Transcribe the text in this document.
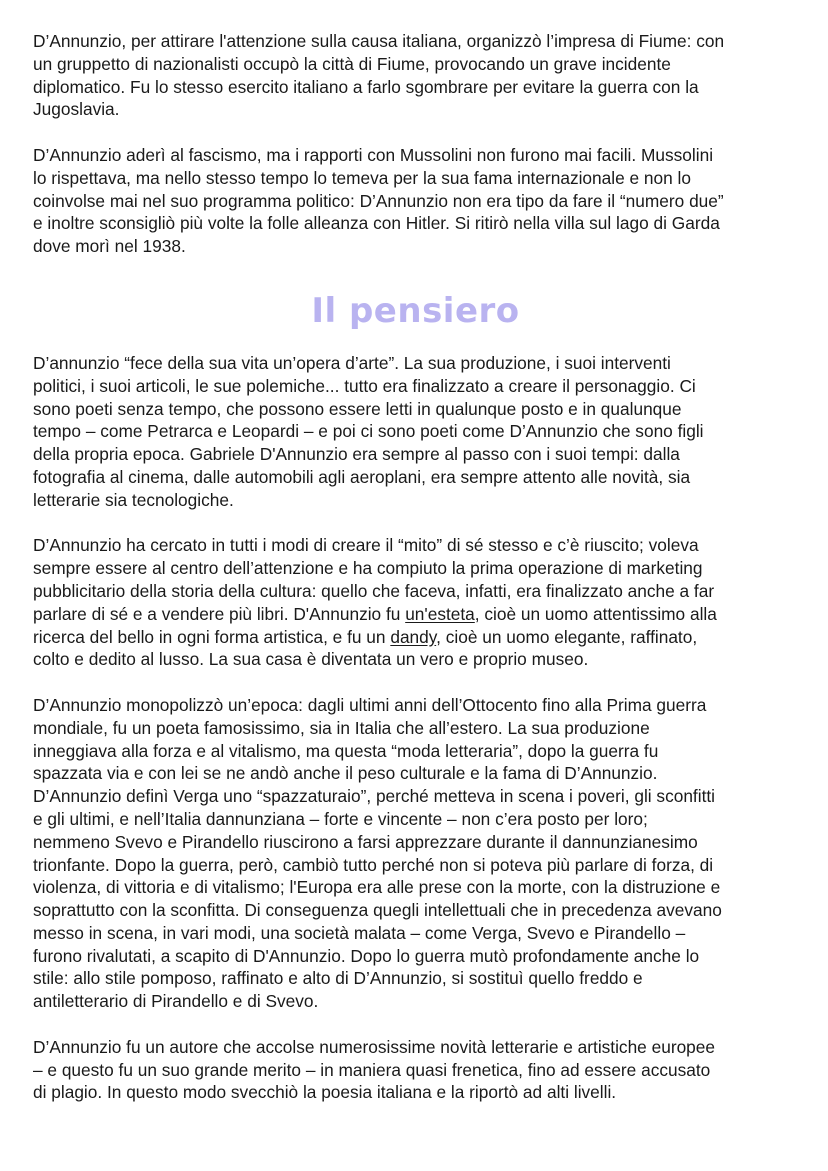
D’Annunzio, per attirare l'attenzione sulla causa italiana, organizzò l’impresa di Fiume: con
un gruppetto di nazionalisti occupò la città di Fiume, provocando un grave incidente
diplomatico. Fu lo stesso esercito italiano a farlo sgombrare per evitare la guerra con la
Jugoslavia.
D’Annunzio aderì al fascismo, ma i rapporti con Mussolini non furono mai facili. Mussolini
lo rispettava, ma nello stesso tempo lo temeva per la sua fama internazionale e non lo
coinvolse mai nel suo programma politico: D’Annunzio non era tipo da fare il “numero due”
e inoltre sconsigliò più volte la folle alleanza con Hitler. Si ritirò nella villa sul lago di Garda
dove morì nel 1938.
Il pensiero
D’annunzio “fece della sua vita un’opera d’arte”. La sua produzione, i suoi interventi
politici, i suoi articoli, le sue polemiche... tutto era finalizzato a creare il personaggio. Ci
sono poeti senza tempo, che possono essere letti in qualunque posto e in qualunque
tempo – come Petrarca e Leopardi – e poi ci sono poeti come D’Annunzio che sono figli
della propria epoca. Gabriele D'Annunzio era sempre al passo con i suoi tempi: dalla
fotografia al cinema, dalle automobili agli aeroplani, era sempre attento alle novità, sia
letterarie sia tecnologiche.
D’Annunzio ha cercato in tutti i modi di creare il “mito” di sé stesso e c’è riuscito; voleva
sempre essere al centro dell’attenzione e ha compiuto la prima operazione di marketing
pubblicitario della storia della cultura: quello che faceva, infatti, era finalizzato anche a far
parlare di sé e a vendere più libri. D'Annunzio fu un'esteta, cioè un uomo attentissimo alla
ricerca del bello in ogni forma artistica, e fu un dandy, cioè un uomo elegante, raffinato,
colto e dedito al lusso. La sua casa è diventata un vero e proprio museo.
D’Annunzio monopolizzò un’epoca: dagli ultimi anni dell’Ottocento fino alla Prima guerra
mondiale, fu un poeta famosissimo, sia in Italia che all’estero. La sua produzione
inneggiava alla forza e al vitalismo, ma questa “moda letteraria”, dopo la guerra fu
spazzata via e con lei se ne andò anche il peso culturale e la fama di D’Annunzio.
D’Annunzio definì Verga uno “spazzaturaio”, perché metteva in scena i poveri, gli sconfitti
e gli ultimi, e nell’Italia dannunziana – forte e vincente – non c’era posto per loro;
nemmeno Svevo e Pirandello riuscirono a farsi apprezzare durante il dannunzianesimo
trionfante. Dopo la guerra, però, cambiò tutto perché non si poteva più parlare di forza, di
violenza, di vittoria e di vitalismo; l'Europa era alle prese con la morte, con la distruzione e
soprattutto con la sconfitta. Di conseguenza quegli intellettuali che in precedenza avevano
messo in scena, in vari modi, una società malata – come Verga, Svevo e Pirandello –
furono rivalutati, a scapito di D'Annunzio. Dopo lo guerra mutò profondamente anche lo
stile: allo stile pomposo, raffinato e alto di D’Annunzio, si sostituì quello freddo e
antiletterario di Pirandello e di Svevo.
D’Annunzio fu un autore che accolse numerosissime novità letterarie e artistiche europee
– e questo fu un suo grande merito – in maniera quasi frenetica, fino ad essere accusato
di plagio. In questo modo svecchiò la poesia italiana e la riportò ad alti livelli.
